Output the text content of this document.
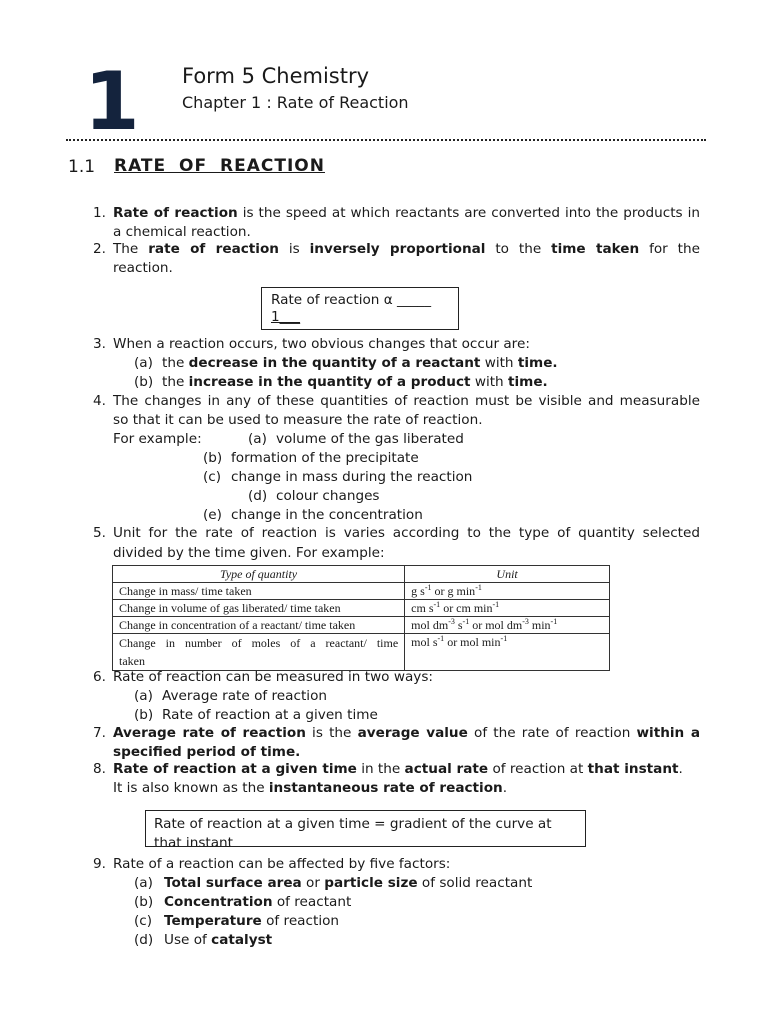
1 Form 5 Chemistry
Chapter 1 : Rate of Reaction
1.1 RATE OF REACTION
1. Rate of reaction is the speed at which reactants are converted into the products in
a chemical reaction.
2. The rate of reaction is inversely proportional to the time taken for the
reaction.
Rate of reaction α _____
1___
3. When a reaction occurs, two obvious changes that occur are:
(a) the decrease in the quantity of a reactant with time.
(b) the increase in the quantity of a product with time.
4. The changes in any of these quantities of reaction must be visible and measurable
so that it can be used to measure the rate of reaction.
For example:	(a) volume of the gas liberated
(b) formation of the precipitate
(c) change in mass during the reaction
(d) colour changes
(e) change in the concentration
5. Unit for the rate of reaction is varies according to the type of quantity selected
divided by the time given. For example:
Type of quantity	Unit
Change in mass/ time taken	g $s^{-1}$ or g $\min^{-1}$
Change in volume of gas liberated/ time taken	cm $s^{-1}$ or cm $\min^{-1}$
Change in concentration of a reactant/ time taken	mol $dm^{-3}$ $s^{-1}$ or mol $dm^{-3}$ $\min^{-1}$

Change in number of moles of a reactant/ time
taken	mol $s^{-1}$ or mol $\min^{-1}$
6. Rate of reaction can be measured in two ways:
(a) Average rate of reaction
(b) Rate of reaction at a given time
7. Average rate of reaction is the average value of the rate of reaction within a
specified period of time.
8. Rate of reaction at a given time in the actual rate of reaction at that instant.
It is also known as the instantaneous rate of reaction.
Rate of reaction at a given time = gradient of the curve at
that instant
9. Rate of a reaction can be affected by five factors:
(a) Total surface area or particle size of solid reactant
(b) Concentration of reactant
(c) Temperature of reaction
(d) Use of catalyst
